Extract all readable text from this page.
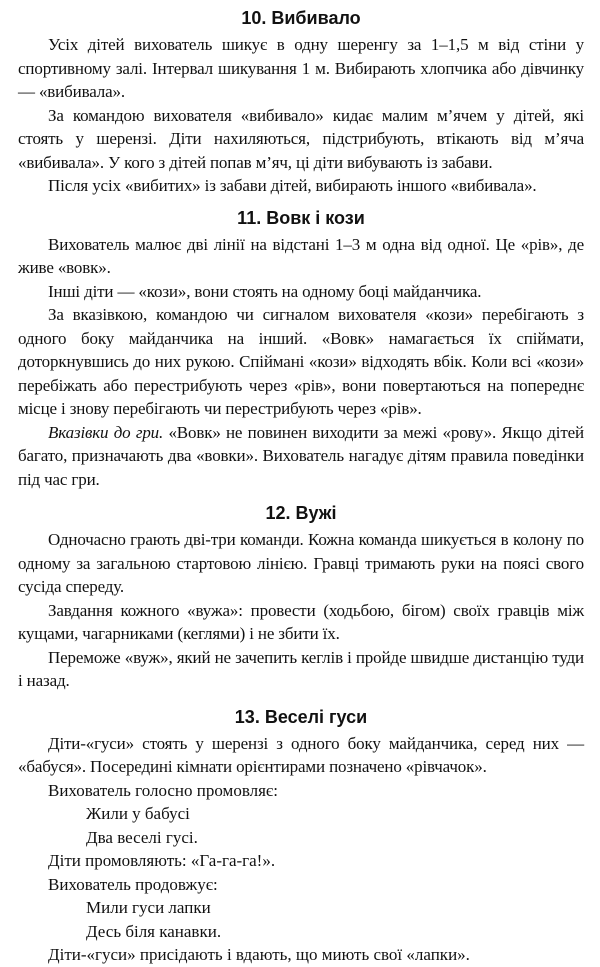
10. Вибивало

Усіх дітей вихователь шикує в одну шеренгу за 1–1,5 м від стіни у спортивному залі. Інтервал шикування 1 м. Вибирають хлопчика або дівчинку — «вибивала».

За командою вихователя «вибивало» кидає малим м’ячем у дітей, які стоять у шерензі. Діти нахиляються, підстрибують, втікають від м’яча «вибивала». У кого з дітей попав м’яч, ці діти вибувають із забави.

Після усіх «вибитих» із забави дітей, вибирають іншого «вибивала».

11. Вовк і кози

Вихователь малює дві лінії на відстані 1–3 м одна від одної. Це «рів», де живе «вовк».

Інші діти — «кози», вони стоять на одному боці майданчика.

За вказівкою, командою чи сигналом вихователя «кози» перебігають з одного боку майданчика на інший. «Вовк» намагається їх спіймати, доторкнувшись до них рукою. Спіймані «кози» відходять вбік. Коли всі «кози» перебіжать або перестрибують через «рів», вони повертаються на попереднє місце і знову перебігають чи перестрибують через «рів».

Вказівки до гри. «Вовк» не повинен виходити за межі «рову». Якщо дітей багато, призначають два «вовки». Вихователь нагадує дітям правила поведінки під час гри.

12. Вужі

Одночасно грають дві-три команди. Кожна команда шикується в колону по одному за загальною стартовою лінією. Гравці тримають руки на поясі свого сусіда спереду.

Завдання кожного «вужа»: провести (ходьбою, бігом) своїх гравців між кущами, чагарниками (кеглями) і не збити їх.

Переможе «вуж», який не зачепить кеглів і пройде швидше дистанцію туди і назад.

13. Веселі гуси

Діти-«гуси» стоять у шерензі з одного боку майданчика, серед них — «бабуся». Посередині кімнати орієнтирами позначено «рівчачок».

Вихователь голосно промовляє:
Жили у бабусі
Два веселі гусі.
Діти промовляють: «Га-га-га!».
Вихователь продовжує:
Мили гуси лапки
Десь біля канавки.
Діти-«гуси» присідають і вдають, що миють свої «лапки».
